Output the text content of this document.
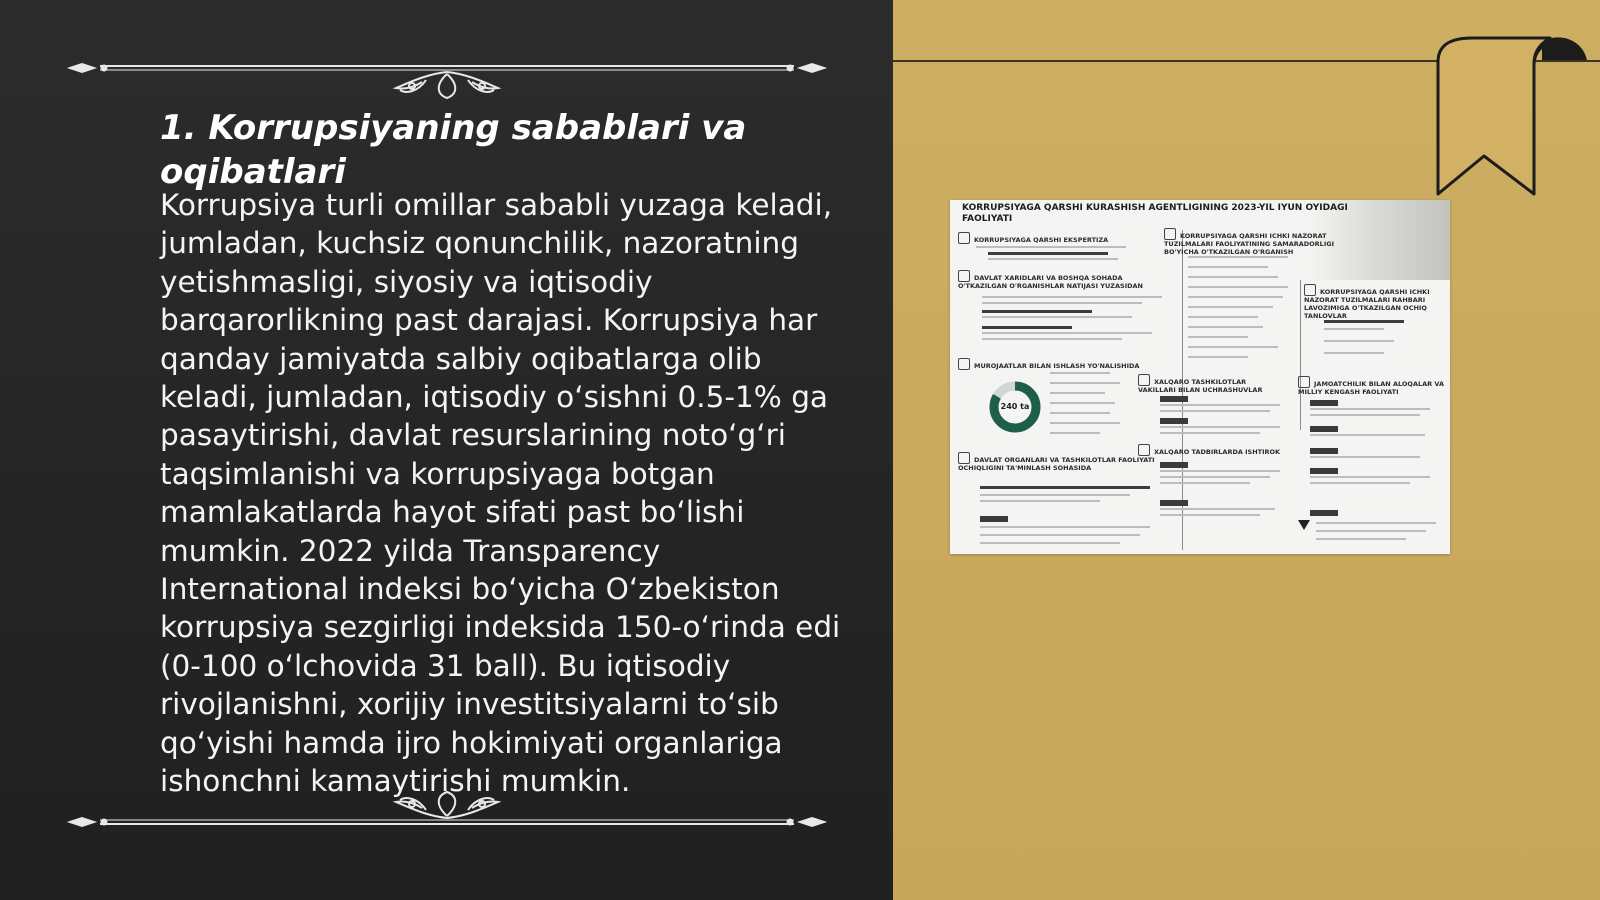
1. Korrupsiyaning sabablari va oqibatlari

Korrupsiya turli omillar sababli yuzaga keladi, jumladan, kuchsiz qonunchilik, nazoratning yetishmasligi, siyosiy va iqtisodiy barqarorlikning past darajasi. Korrupsiya har qanday jamiyatda salbiy oqibatlarga olib keladi, jumladan, iqtisodiy oʻsishni 0.5-1% ga pasaytirishi, davlat resurslarining notoʻgʻri taqsimlanishi va korrupsiyaga botgan mamlakatlarda hayot sifati past boʻlishi mumkin. 2022 yilda Transparency International indeksi boʻyicha Oʻzbekiston korrupsiya sezgirligi indeksida 150-oʻrinda edi (0-100 oʻlchovida 31 ball). Bu iqtisodiy rivojlanishni, xorijiy investitsiyalarni toʻsib qoʻyishi hamda ijro hokimiyati organlariga ishonchni kamaytirishi mumkin.

KORRUPSIYAGA QARSHI KURASHISH AGENTLIGINING 2023-YIL IYUN OYIDAGI FAOLIYATI
KORRUPSIYAGA QARSHI EKSPERTIZA
DAVLAT XARIDLARI VA BOSHQA SOHADA O'TKAZILGAN O'RGANISHLAR NATIJASI YUZASIDAN
MUROJAATLAR BILAN ISHLASH YO'NALISHIDA
240 ta
DAVLAT ORGANLARI VA TASHKILOTLAR FAOLIYATI OCHIQLIGINI TA'MINLASH SOHASIDA
KORRUPSIYAGA QARSHI ICHKI NAZORAT TUZILMALARI FAOLIYATINING SAMARADORLIGI BO'YICHA O'TKAZILGAN O'RGANISH
KORRUPSIYAGA QARSHI ICHKI NAZORAT TUZILMALARI RAHBARI LAVOZIMIGA O'TKAZILGAN OCHIQ TANLOVLAR
XALQARO TASHKILOTLAR VAKILLARI BILAN UCHRASHUVLAR
JAMOATCHILIK BILAN ALOQALAR VA MILLIY KENGASH FAOLIYATI
XALQARO TADBIRLARDA ISHTIROK
